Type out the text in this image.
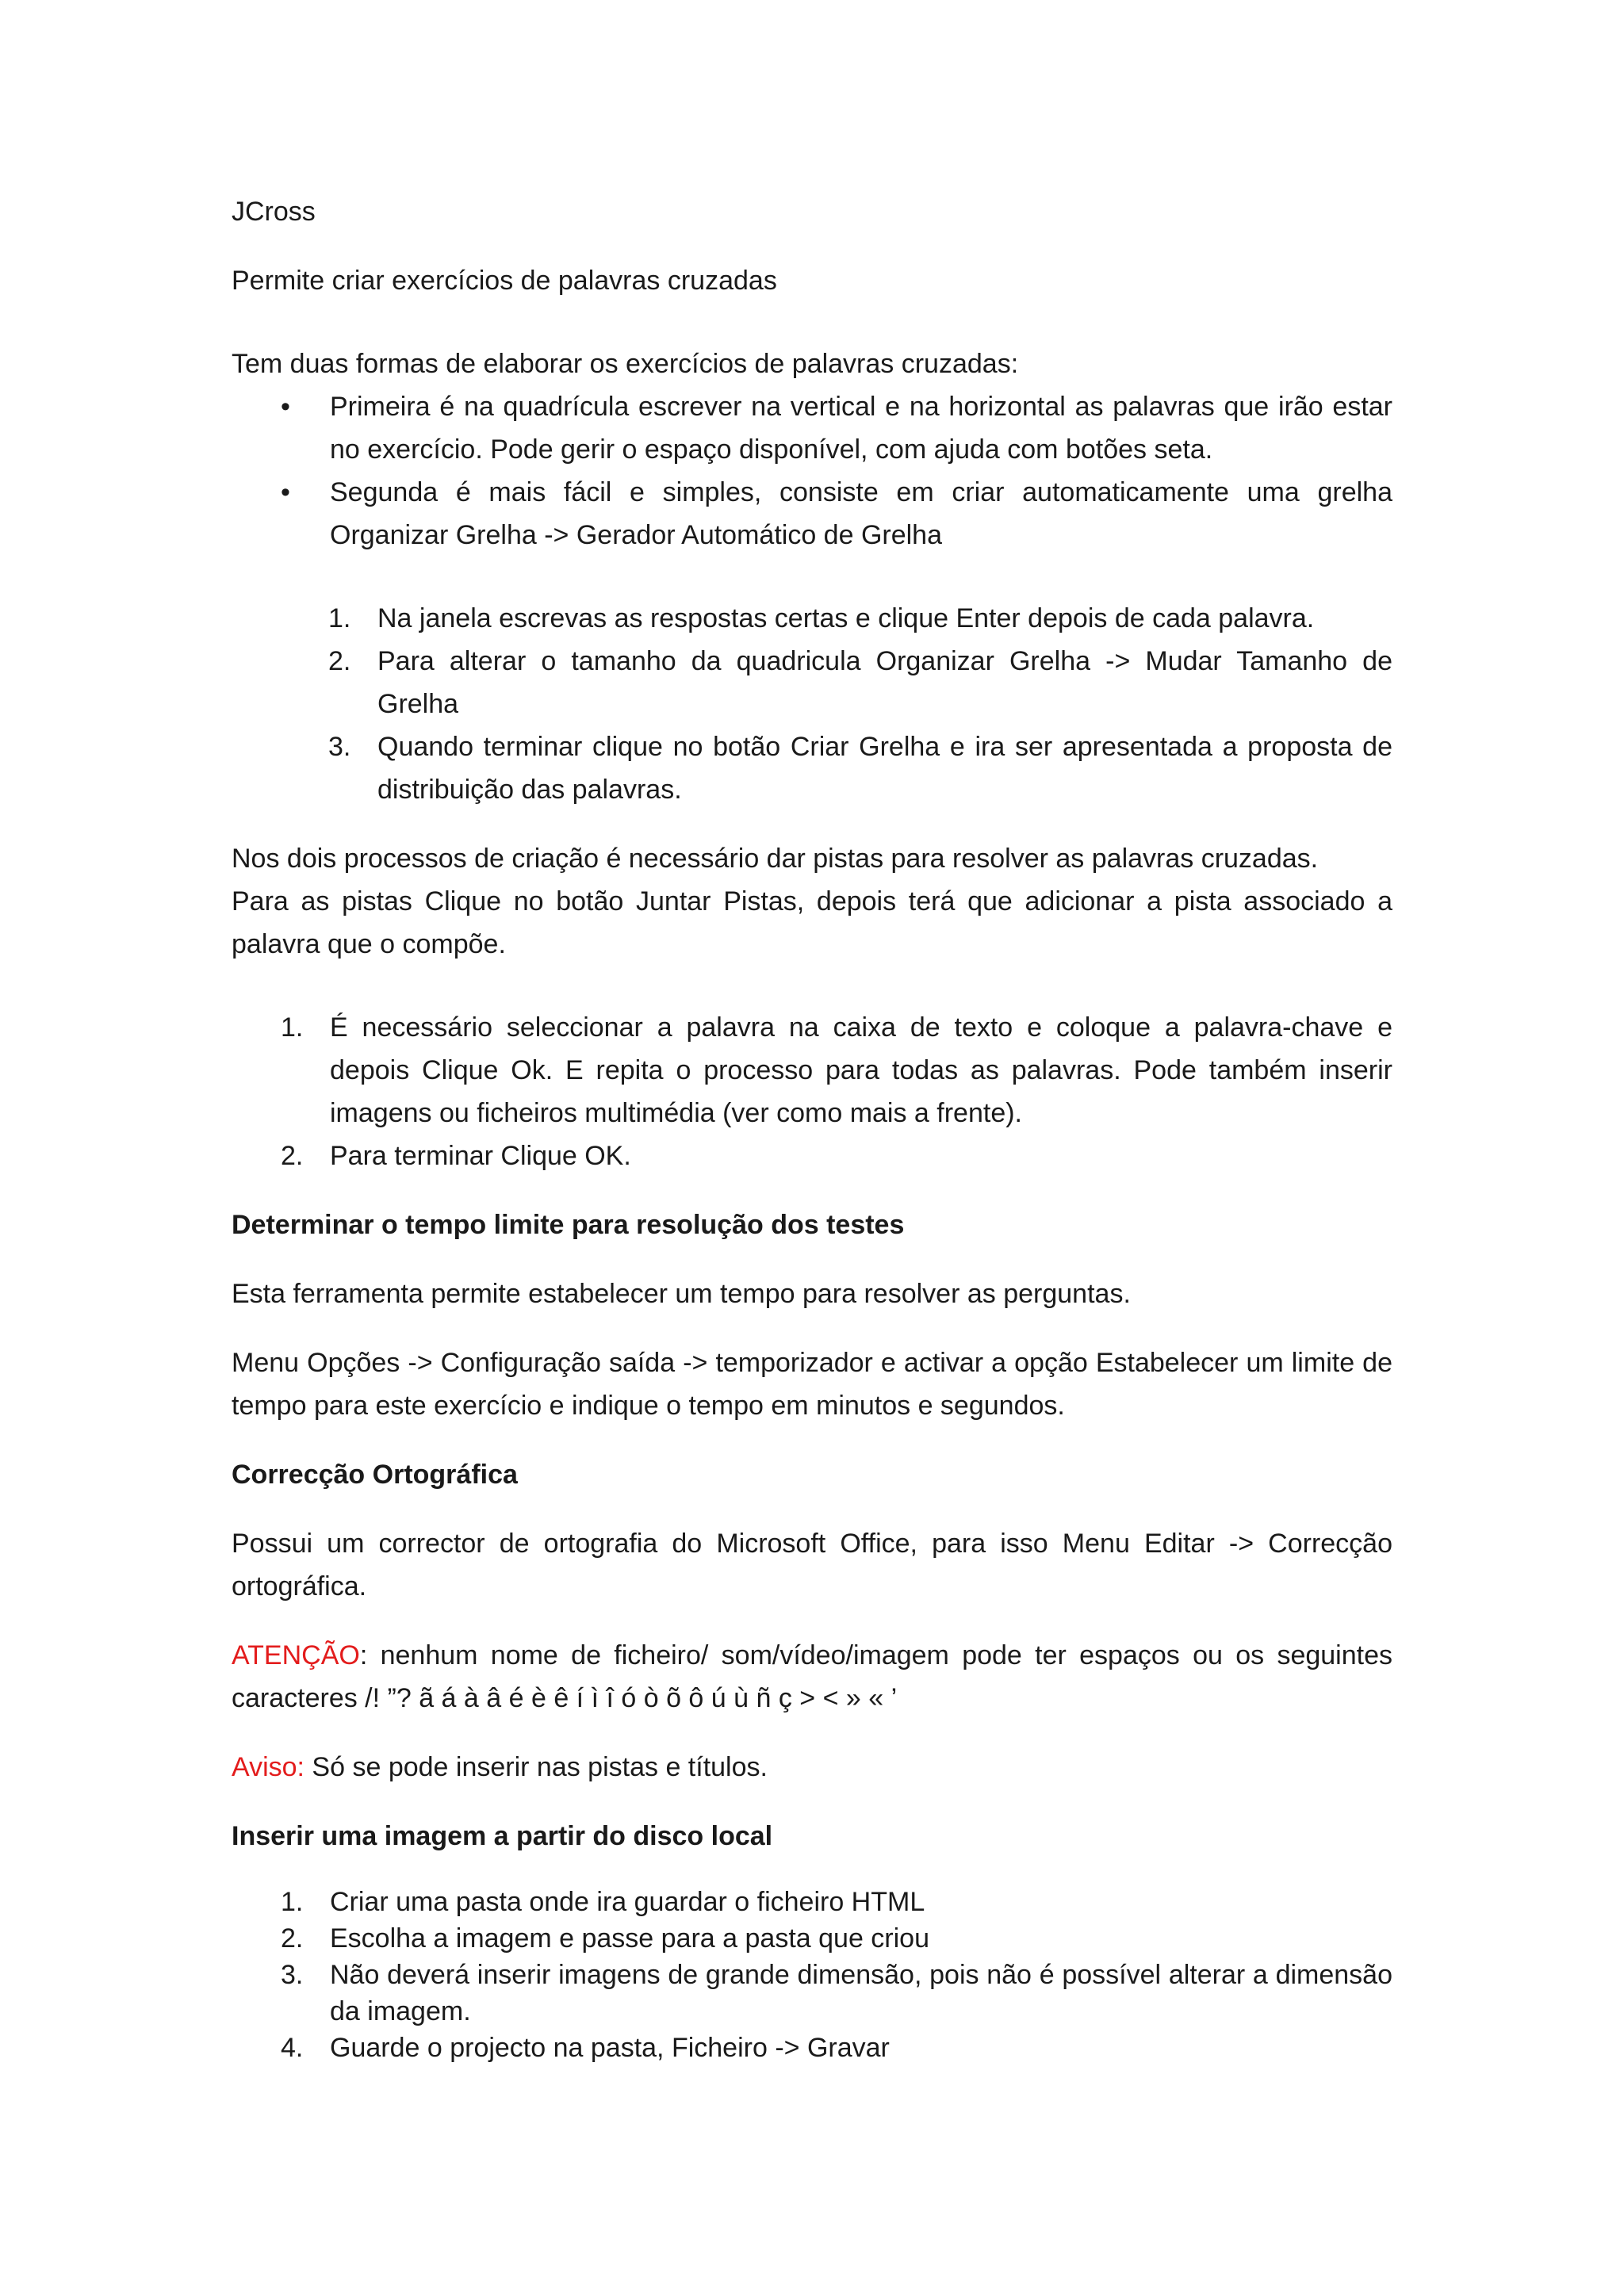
JCross

Permite criar exercícios de palavras cruzadas

Tem duas formas de elaborar os exercícios de palavras cruzadas:

• Primeira é na quadrícula escrever na vertical e na horizontal as palavras que irão estar no exercício. Pode gerir o espaço disponível, com ajuda com botões seta.
• Segunda é mais fácil e simples, consiste em criar automaticamente uma grelha Organizar Grelha -> Gerador Automático de Grelha
1. Na janela escrevas as respostas certas e clique Enter depois de cada palavra.
2. Para alterar o tamanho da quadricula Organizar Grelha -> Mudar Tamanho de Grelha
3. Quando terminar clique no botão Criar Grelha e ira ser apresentada a proposta de distribuição das palavras.

Nos dois processos de criação é necessário dar pistas para resolver as palavras cruzadas.

Para as pistas Clique no botão Juntar Pistas, depois terá que adicionar a pista associado a palavra que o compõe.

1. É necessário seleccionar a palavra na caixa de texto e coloque a palavra-chave e depois Clique Ok. E repita o processo para todas as palavras. Pode também inserir imagens ou ficheiros multimédia (ver como mais a frente).
2. Para terminar Clique OK.

Determinar o tempo limite para resolução dos testes

Esta ferramenta permite estabelecer um tempo para resolver as perguntas.

Menu Opções -> Configuração saída -> temporizador e activar a opção Estabelecer um limite de tempo para este exercício e indique o tempo em minutos e segundos.

Correcção Ortográfica

Possui um corrector de ortografia do Microsoft Office, para isso Menu Editar -> Correcção ortográfica.

ATENÇÃO: nenhum nome de ficheiro/ som/vídeo/imagem pode ter espaços ou os seguintes caracteres /! ”? ã á à â é è ê í ì î ó ò õ ô ú ù ñ ç > < » « ’

Aviso: Só se pode inserir nas pistas e títulos.

Inserir uma imagem a partir do disco local

1. Criar uma pasta onde ira guardar o ficheiro HTML
2. Escolha a imagem e passe para a pasta que criou
3. Não deverá inserir imagens de grande dimensão, pois não é possível alterar a dimensão da imagem.
4. Guarde o projecto na pasta, Ficheiro -> Gravar
